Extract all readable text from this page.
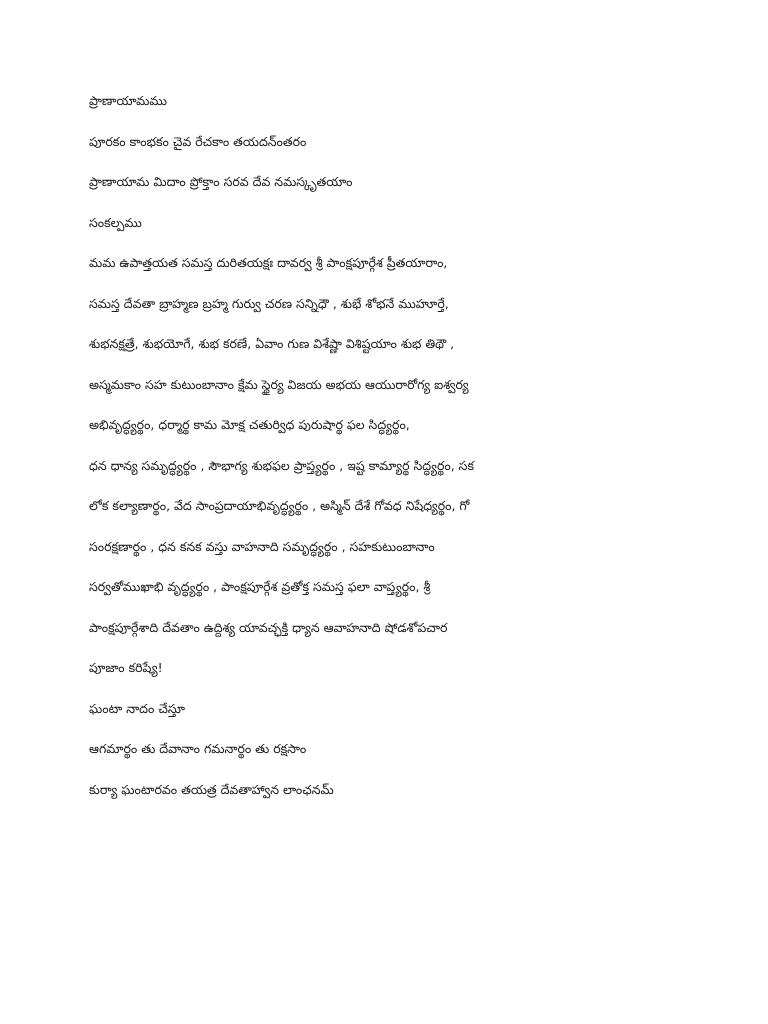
ప్రాణాయామము
పూరకం కాంభకం చైవ రేచకాం తయదన్ంతరం
ప్రాణాయామ మిదాం ప్రోక్తాం సరవ దేవ నమస్కృతయాం
సంకల్పము
మమ ఉపాత్తయత సమస్త దురితయక్షః దావర్వ శ్రీ పాంక్షపూర్గేశ ప్రీతయారాం,
సమస్త దేవతా బ్రాహ్మణ బ్రహ్మ గుర్వు చరణ సన్నిధౌ , శుభే శోభనే ముహూర్తే,
శుభనక్షత్రే, శుభయోగే, శుభ కరణే, ఏవాం గుణ విశేష్ణా విశిష్టయాం శుభ తిథౌ ,
అస్మమకాం సహ కుటుంబానాం క్షేమ స్థైర్య విజయ అభయ ఆయురారోగ్య ఐశ్వర్య
అభివృద్ధ్యర్థం, ధర్మార్థ కామ మోక్ష చతుర్విధ పురుషార్థ ఫల సిద్ధ్యర్థం,
ధన ధాన్య సమృద్ధ్యర్థం , సౌభాగ్య శుభఫల ప్రాప్త్యర్థం , ఇష్ట కామ్యార్థ సిద్ధ్యర్థం, సక
లోక కల్యాణార్థం, వేద సాంప్రదాయాభివృద్ధ్యర్థం , అస్మిన్ దేశే గోవధ నిషేధ్యర్థం, గో
సంరక్షణార్థం , ధన కనక వస్తు వాహనాది సమృద్ధ్యర్థం , సహకుటుంబానాం
సర్వతోముఖాభి వృద్ధ్యర్థం , పాంక్షపూర్గేశ వ్రతోక్త సమస్త ఫలా వాప్త్యర్థం, శ్రీ
పాంక్షపూర్గేశాది దేవతాం ఉద్దిశ్య యావచ్ఛక్తి ధ్యాన ఆవాహనాది షోడశోపచార
పూజాం కరిష్యే!
ఘంటా నాదం చేస్తూ
ఆగమార్థం తు దేవానాం గమనార్థం తు రక్షసాం
కుర్యా ఘంటారవం తయత్ర దేవతాహ్వాన లాంఛనమ్
